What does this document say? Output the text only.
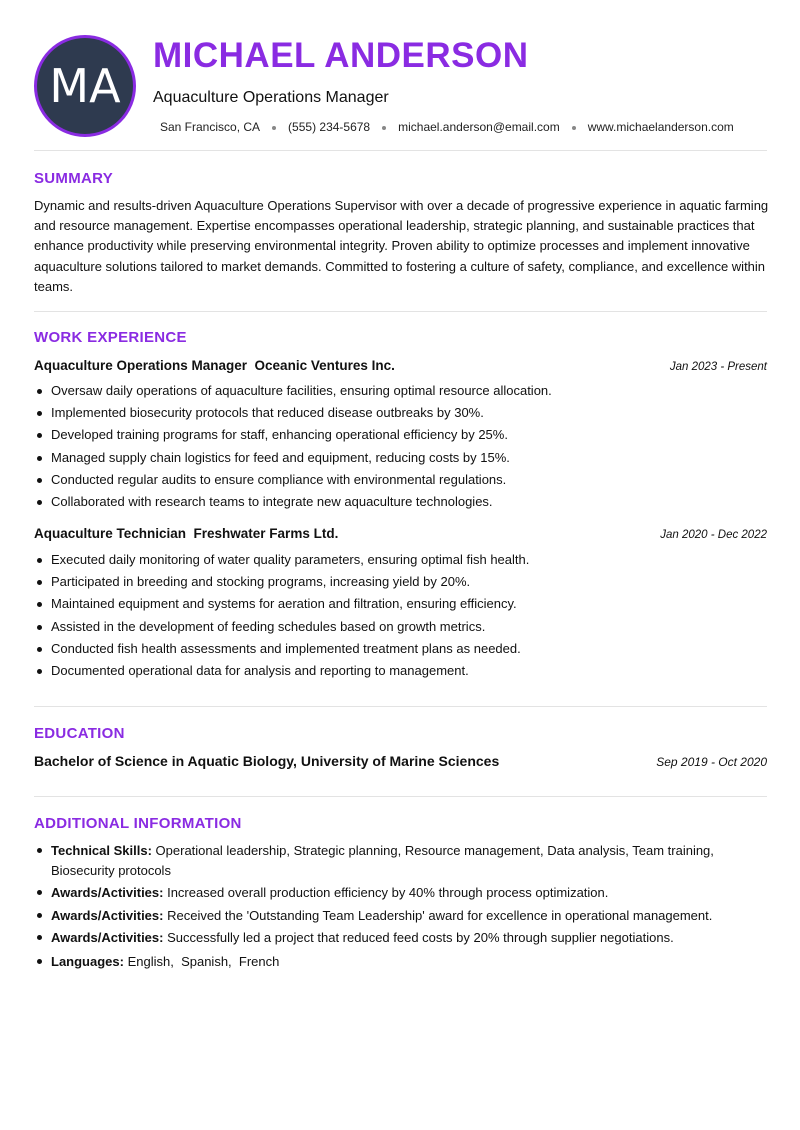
MA
MICHAEL ANDERSON
Aquaculture Operations Manager
San Francisco, CA (555) 234-5678 michael.anderson@email.com www.michaelanderson.com
SUMMARY
Dynamic and results-driven Aquaculture Operations Supervisor with over a decade of progressive experience in aquatic farming and resource management. Expertise encompasses operational leadership, strategic planning, and sustainable practices that enhance productivity while preserving environmental integrity. Proven ability to optimize processes and implement innovative aquaculture solutions tailored to market demands. Committed to fostering a culture of safety, compliance, and excellence within teams.
WORK EXPERIENCE
Aquaculture Operations Manager  Oceanic Ventures Inc.	Jan 2023 - Present
Oversaw daily operations of aquaculture facilities, ensuring optimal resource allocation.
Implemented biosecurity protocols that reduced disease outbreaks by 30%.
Developed training programs for staff, enhancing operational efficiency by 25%.
Managed supply chain logistics for feed and equipment, reducing costs by 15%.
Conducted regular audits to ensure compliance with environmental regulations.
Collaborated with research teams to integrate new aquaculture technologies.
Aquaculture Technician  Freshwater Farms Ltd.	Jan 2020 - Dec 2022
Executed daily monitoring of water quality parameters, ensuring optimal fish health.
Participated in breeding and stocking programs, increasing yield by 20%.
Maintained equipment and systems for aeration and filtration, ensuring efficiency.
Assisted in the development of feeding schedules based on growth metrics.
Conducted fish health assessments and implemented treatment plans as needed.
Documented operational data for analysis and reporting to management.
EDUCATION
Bachelor of Science in Aquatic Biology, University of Marine Sciences	Sep 2019 - Oct 2020
ADDITIONAL INFORMATION
Technical Skills: Operational leadership, Strategic planning, Resource management, Data analysis, Team training, Biosecurity protocols
Awards/Activities: Increased overall production efficiency by 40% through process optimization.
Awards/Activities: Received the 'Outstanding Team Leadership' award for excellence in operational management.
Awards/Activities: Successfully led a project that reduced feed costs by 20% through supplier negotiations.
Languages: English,  Spanish,  French
